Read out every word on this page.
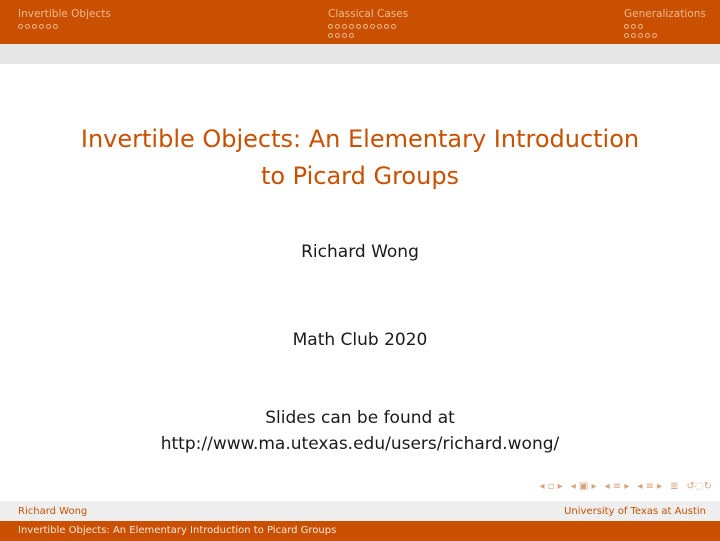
Invertible Objects	Classical Cases	Generalizations
Invertible Objects: An Elementary Introduction
to Picard Groups
Richard Wong
Math Club 2020
Slides can be found at
http://www.ma.utexas.edu/users/richard.wong/
◂ ▫ ▸ ◂ ▣ ▸ ◂ ≡ ▸ ◂ ≡ ▸ ≣ ↺◌↻
Richard Wong	University of Texas at Austin
Invertible Objects: An Elementary Introduction to Picard Groups
